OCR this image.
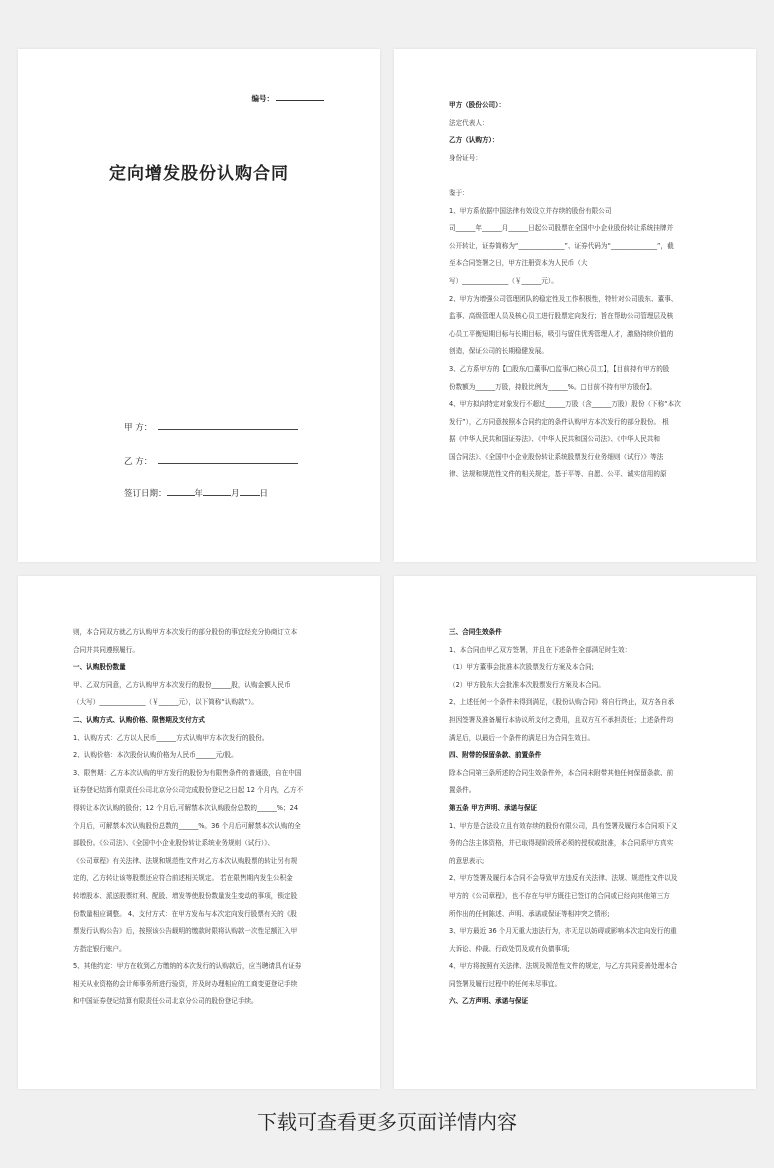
编号：
定向增发股份认购合同
甲 方：
乙 方：
签订日期：	年	月 日

甲方（股份公司）：

法定代表人：

乙方（认购方）：

身份证号：

鉴于：

1、甲方系依据中国法律有效设立并存续的股份有限公司

司______年______月______日起公司股票在全国中小企业股份转让系统挂牌并

公开转让，证券简称为“______________”、证券代码为“______________”，截

至本合同签署之日，甲方注册资本为人民币（大

写）______________（￥______元）。

2、甲方为增强公司管理团队的稳定性及工作积极性，特针对公司股东、董事、

监事、高级管理人员及核心员工进行股票定向发行；旨在帮助公司管理层及核

心员工平衡短期目标与长期目标，吸引与留住优秀管理人才，激励持续价值的

创造，保证公司的长期稳健发展。

3、乙方系甲方的【□股东/□董事/□监事/□核心员工】，【目前持有甲方的股

份数额为______万股，持股比例为______%。□目前不持有甲方股份】。

4、甲方拟向特定对象发行不超过______万股（含______万股）股份（下称“本次

发行”），乙方同意按照本合同约定的条件认购甲方本次发行的部分股份。 根

据《中华人民共和国证券法》、《中华人民共和国公司法》、《中华人民共和

国合同法》、《全国中小企业股份转让系统股票发行业务细则（试行）》等法

律、法规和规范性文件的相关规定，基于平等、自愿、公平、诚实信用的原

则，本合同双方就乙方认购甲方本次发行的部分股份的事宜经充分协商订立本

合同并共同遵照履行。

一、认购股份数量

甲、乙双方同意，乙方认购甲方本次发行的股份______股，认购金额人民币

（大写）______________（￥______元），以下简称“认购款”）。

二、认购方式、认购价格、限售期及支付方式

1、认购方式：乙方以人民币______方式认购甲方本次发行的股份。

2、认购价格：本次股份认购价格为人民币______元/股。

3、限售期：乙方本次认购的甲方发行的股份为有限售条件的普通股，自在中国

证券登记结算有限责任公司北京分公司完成股份登记之日起 12 个月内，乙方不

得转让本次认购的股份；12 个月后,可解禁本次认购股份总数的______%；24

个月后，可解禁本次认购股份总数的______%。36 个月后可解禁本次认购的全

部股份。《公司法》、《全国中小企业股份转让系统业务规则（试行）》、

《公司章程》有关法律、法规和规范性文件对乙方本次认购股票的转让另有规

定的，乙方转让该等股票还应符合前述相关规定。 若在限售期内发生公积金

转增股本、派送股票红利、配股、增发等使股份数量发生变动的事项，锁定股

份数量相应调整。 4、支付方式：在甲方发布与本次定向发行股票有关的《股

票发行认购公告》后，按照该公告载明的缴款时限将认购款一次性足额汇入甲

方指定银行账户。

5、其他约定：甲方在收到乙方缴纳的本次发行的认购款后，应当聘请具有证券

相关从业资格的会计师事务所进行验资，并及时办理相应的工商变更登记手续

和中国证券登记结算有限责任公司北京分公司的股份登记手续。

三、合同生效条件

1、本合同由甲乙双方签署，并且在下述条件全部满足时生效：

（1）甲方董事会批准本次股票发行方案及本合同;

（2）甲方股东大会批准本次股票发行方案及本合同。

2、上述任何一个条件未得到满足，《股份认购合同》将自行终止，双方各自承

担因签署及准备履行本协议所支付之费用，且双方互不承担责任；上述条件均

满足后，以最后一个条件的满足日为合同生效日。

四、附带的保留条款、前置条件

除本合同第三条所述的合同生效条件外，本合同未附带其他任何保留条款、前

置条件。

第五条 甲方声明、承诺与保证

1、甲方是合法设立且有效存续的股份有限公司，具有签署及履行本合同项下义

务的合法主体资格，并已取得现阶段所必须的授权或批准，本合同系甲方真实

的意思表示;

2、甲方签署及履行本合同不会导致甲方违反有关法律、法规、规范性文件以及

甲方的《公司章程》，也不存在与甲方既往已签订的合同或已经向其他第三方

所作出的任何陈述、声明、承诺或保证等相冲突之情形;

3、甲方最近 36 个月无重大违法行为，亦无足以妨碍或影响本次定向发行的重

大诉讼、仲裁、行政处罚及或有负债事项;

4、甲方将按照有关法律、法规及规范性文件的规定，与乙方共同妥善处理本合

同签署及履行过程中的任何未尽事宜。

六、乙方声明、承诺与保证

下载可查看更多页面详情内容
